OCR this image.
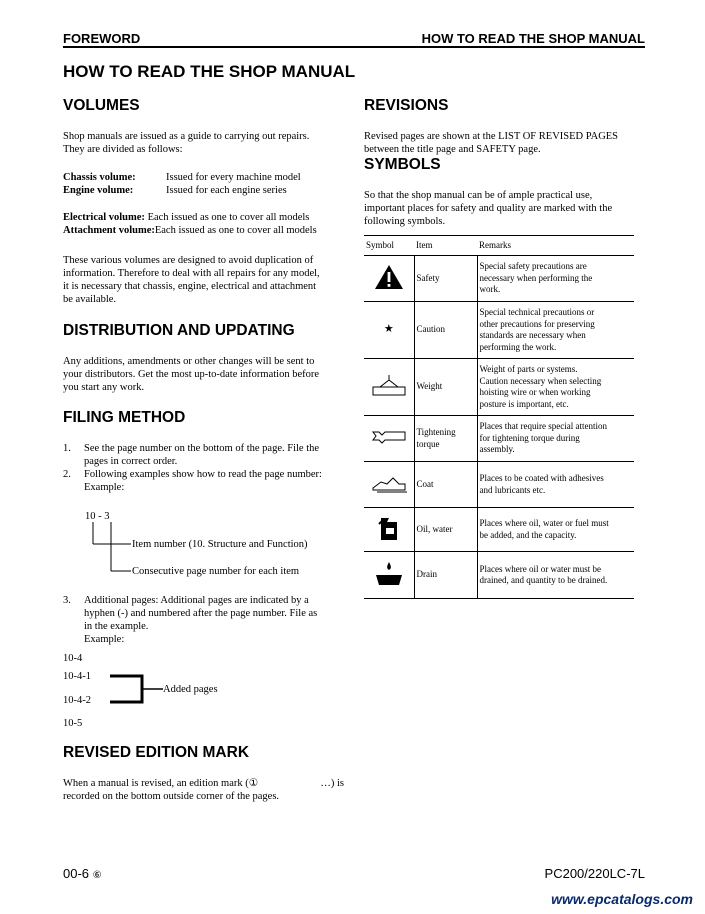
FOREWORD	HOW TO READ THE SHOP MANUAL
HOW TO READ THE SHOP MANUAL
VOLUMES
Shop manuals are issued as a guide to carrying out repairs.
They are divided as follows:
Chassis volume:	Issued for every machine model
Engine volume:	Issued for each engine series
Electrical volume: Each issued as one to cover all models
Attachment volume:Each issued as one to cover all models
These various volumes are designed to avoid duplication of
information. Therefore to deal with all repairs for any model,
it is necessary that chassis, engine, electrical and attachment
be available.
DISTRIBUTION AND UPDATING
Any additions, amendments or other changes will be sent to
your distributors. Get the most up-to-date information before
you start any work.
FILING METHOD
1.	See the page number on the bottom of the page. File the
pages in correct order.
2.	Following examples show how to read the page number:
Example:
10 - 3
Item number (10. Structure and Function)
Consecutive page number for each item
3.	Additional pages: Additional pages are indicated by a
hyphen (-) and numbered after the page number. File as
in the example.
Example:
10-4
10-4-1
10-4-2
10-5
Added pages
REVISED EDITION MARK
When a manual is revised, an edition mark (①	…) is
recorded on the bottom outside corner of the pages.
REVISIONS
Revised pages are shown at the LIST OF REVISED PAGES
between the title page and SAFETY page.
SYMBOLS
So that the shop manual can be of ample practical use,
important places for safety and quality are marked with the
following symbols.
Symbol	Item	Remarks
	Safety	Special safety precautions are
necessary when performing the
work.

★	Caution	Special technical precautions or
other precautions for preserving
standards are necessary when
performing the work.

	Weight	Weight of parts or systems.
Caution necessary when selecting
hoisting wire or when working
posture is important, etc.

	Tightening torque	Places that require special attention
for tightening torque during
assembly.

	Coat	Places to be coated with adhesives
and lubricants etc.

	Oil, water	Places where oil, water or fuel must
be added, and the capacity.

	Drain	Places where oil or water must be
drained, and quantity to be drained.
00-6 ⑥	PC200/220LC-7L
www.epcatalogs.com
